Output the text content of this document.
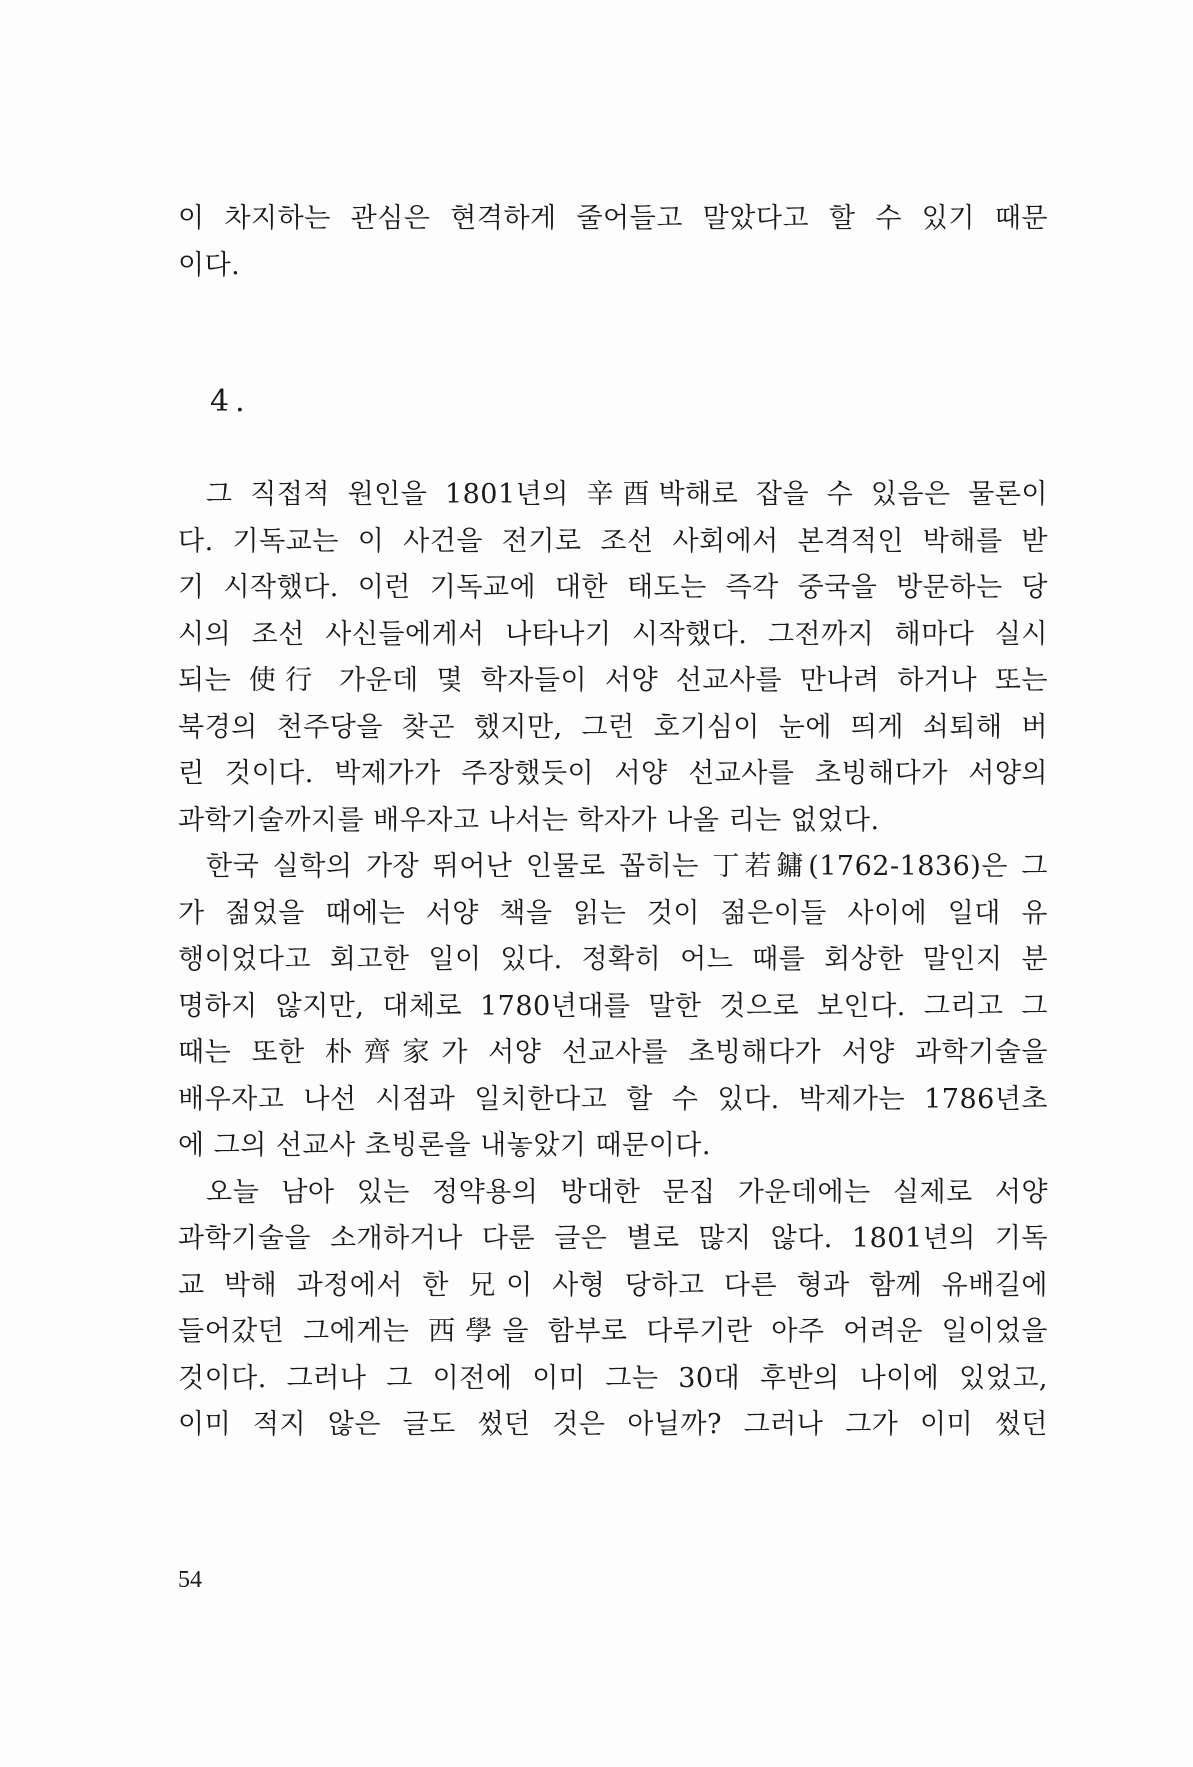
이 차지하는 관심은 현격하게 줄어들고 말았다고 할 수 있기 때문
이다.
4.
그 직접적 원인을 1801년의 辛酉박해로 잡을 수 있음은 물론이
다. 기독교는 이 사건을 전기로 조선 사회에서 본격적인 박해를 받
기 시작했다. 이런 기독교에 대한 태도는 즉각 중국을 방문하는 당
시의 조선 사신들에게서 나타나기 시작했다. 그전까지 해마다 실시
되는 使行 가운데 몇 학자들이 서양 선교사를 만나려 하거나 또는
북경의 천주당을 찾곤 했지만, 그런 호기심이 눈에 띄게 쇠퇴해 버
린 것이다. 박제가가 주장했듯이 서양 선교사를 초빙해다가 서양의
과학기술까지를 배우자고 나서는 학자가 나올 리는 없었다.
한국 실학의 가장 뛰어난 인물로 꼽히는 丁若鏞(1762-1836)은 그
가 젊었을 때에는 서양 책을 읽는 것이 젊은이들 사이에 일대 유
행이었다고 회고한 일이 있다. 정확히 어느 때를 회상한 말인지 분
명하지 않지만, 대체로 1780년대를 말한 것으로 보인다. 그리고 그
때는 또한 朴齊家가 서양 선교사를 초빙해다가 서양 과학기술을
배우자고 나선 시점과 일치한다고 할 수 있다. 박제가는 1786년초
에 그의 선교사 초빙론을 내놓았기 때문이다.
오늘 남아 있는 정약용의 방대한 문집 가운데에는 실제로 서양
과학기술을 소개하거나 다룬 글은 별로 많지 않다. 1801년의 기독
교 박해 과정에서 한 兄이 사형 당하고 다른 형과 함께 유배길에
들어갔던 그에게는 西學을 함부로 다루기란 아주 어려운 일이었을
것이다. 그러나 그 이전에 이미 그는 30대 후반의 나이에 있었고,
이미 적지 않은 글도 썼던 것은 아닐까? 그러나 그가 이미 썼던
54
